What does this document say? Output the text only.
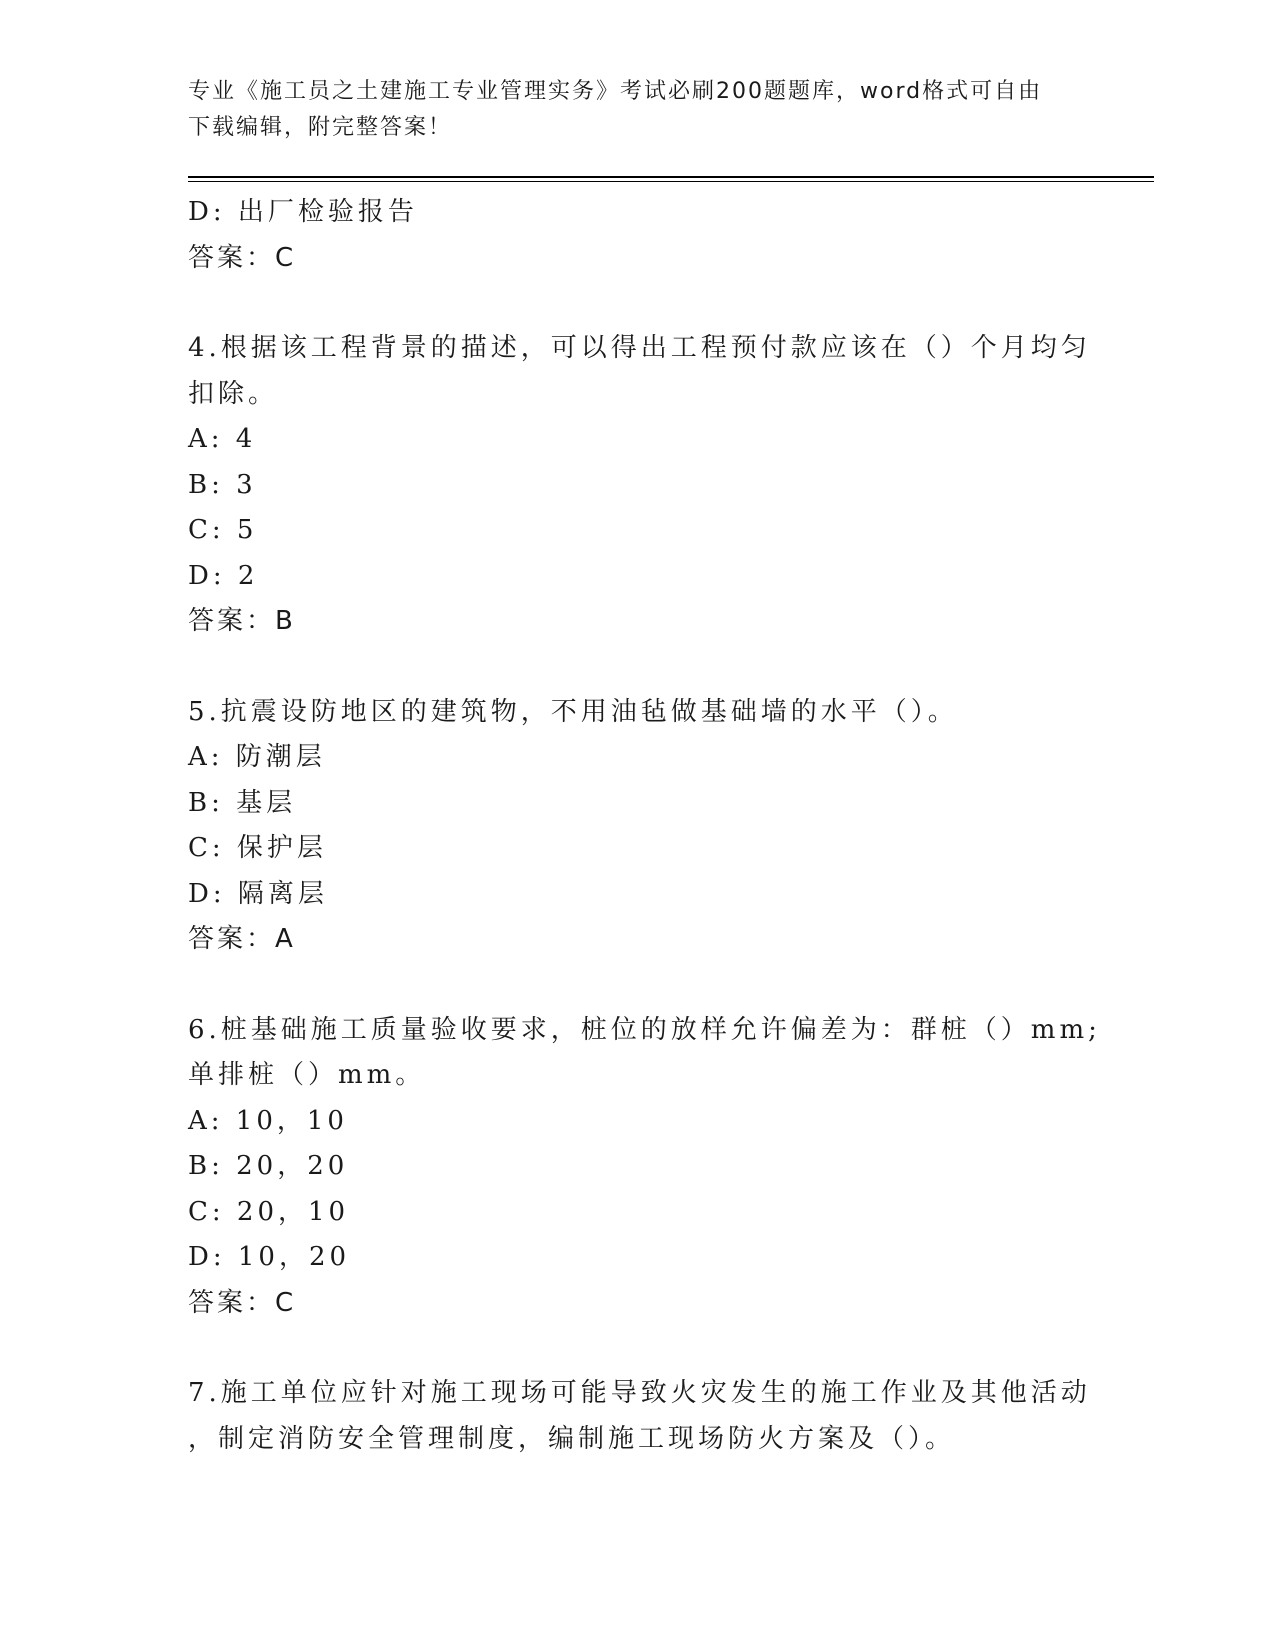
专业《施工员之土建施工专业管理实务》考试必刷200题题库，word格式可自由
下载编辑，附完整答案！
D: 出厂检验报告
答案：C
4.根据该工程背景的描述，可以得出工程预付款应该在（）个月均匀
扣除。
A: 4
B: 3
C: 5
D: 2
答案：B
5.抗震设防地区的建筑物，不用油毡做基础墙的水平（）。
A: 防潮层
B: 基层
C: 保护层
D: 隔离层
答案：A
6.桩基础施工质量验收要求，桩位的放样允许偏差为：群桩（）mm;
单排桩（）mm。
A: 10，10
B: 20，20
C: 20，10
D: 10，20
答案：C
7.施工单位应针对施工现场可能导致火灾发生的施工作业及其他活动
，制定消防安全管理制度，编制施工现场防火方案及（）。
